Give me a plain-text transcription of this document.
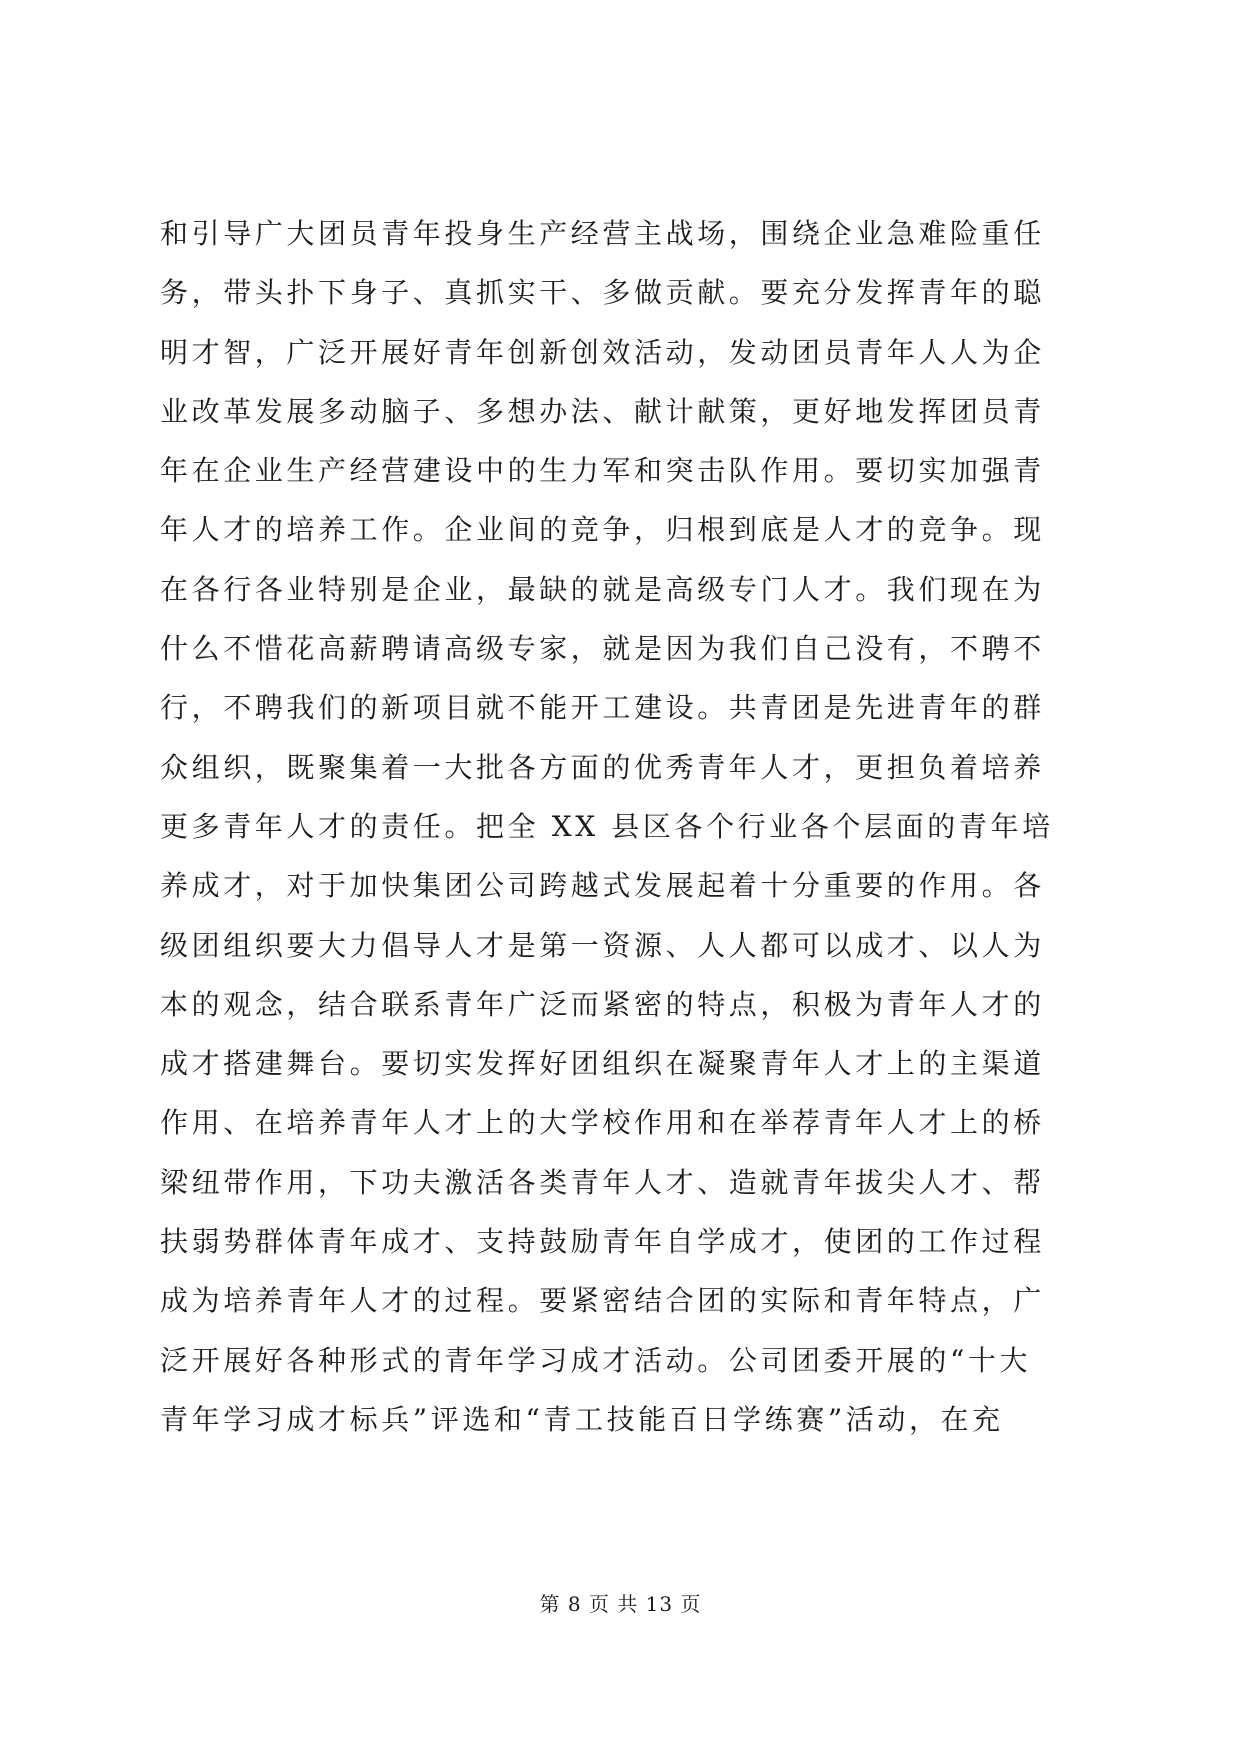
和引导广大团员青年投身生产经营主战场，围绕企业急难险重任
务，带头扑下身子、真抓实干、多做贡献。要充分发挥青年的聪
明才智，广泛开展好青年创新创效活动，发动团员青年人人为企
业改革发展多动脑子、多想办法、献计献策，更好地发挥团员青
年在企业生产经营建设中的生力军和突击队作用。要切实加强青
年人才的培养工作。企业间的竞争，归根到底是人才的竞争。现
在各行各业特别是企业，最缺的就是高级专门人才。我们现在为
什么不惜花高薪聘请高级专家，就是因为我们自己没有，不聘不
行，不聘我们的新项目就不能开工建设。共青团是先进青年的群
众组织，既聚集着一大批各方面的优秀青年人才，更担负着培养
更多青年人才的责任。把全 XX 县区各个行业各个层面的青年培
养成才，对于加快集团公司跨越式发展起着十分重要的作用。各
级团组织要大力倡导人才是第一资源、人人都可以成才、以人为
本的观念，结合联系青年广泛而紧密的特点，积极为青年人才的
成才搭建舞台。要切实发挥好团组织在凝聚青年人才上的主渠道
作用、在培养青年人才上的大学校作用和在举荐青年人才上的桥
梁纽带作用，下功夫激活各类青年人才、造就青年拔尖人才、帮
扶弱势群体青年成才、支持鼓励青年自学成才，使团的工作过程
成为培养青年人才的过程。要紧密结合团的实际和青年特点，广
泛开展好各种形式的青年学习成才活动。公司团委开展的“十大
青年学习成才标兵”评选和“青工技能百日学练赛”活动，在充
第 8 页 共 13 页
